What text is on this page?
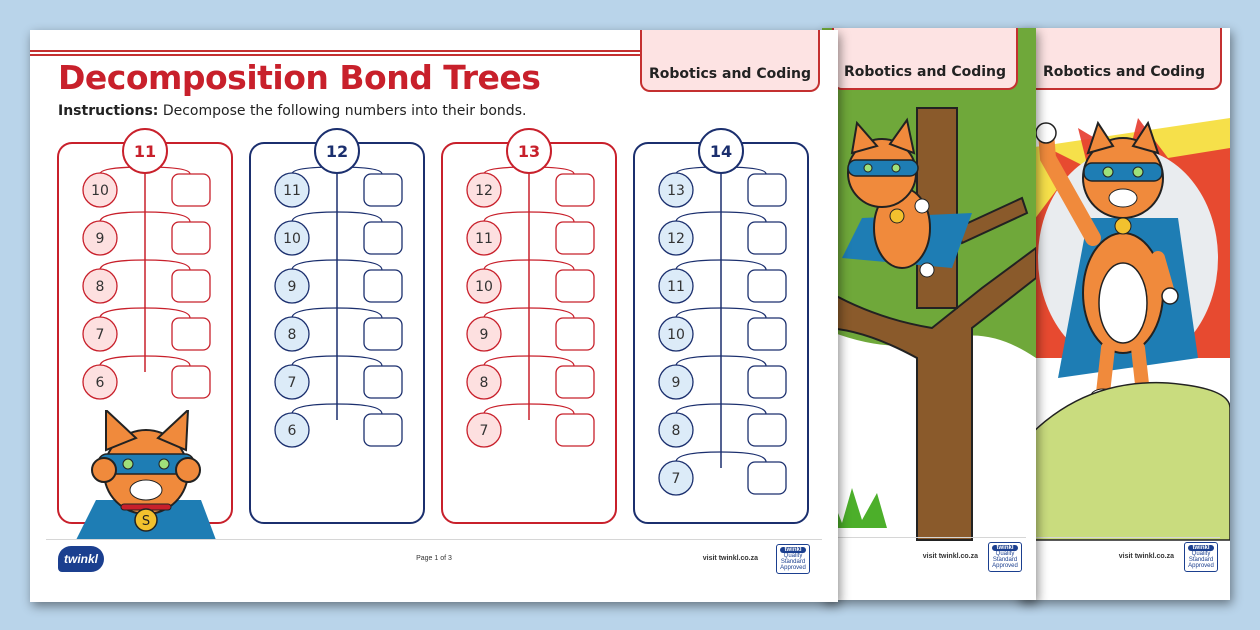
Robotics and Coding
visit twinkl.co.za
twinkl
Quality Standard Approved
Robotics and Coding
visit twinkl.co.za
twinkl
Quality Standard Approved
Robotics and Coding
Decomposition Bond Trees
Instructions: Decompose the following numbers into their bonds.
10
9
8
7
6
11
11
10
9
8
7
6
12
12
11
10
9
8
7
13
13
12
11
10
9
8
7
14
S
twinkl	Page 1 of 3	visit twinkl.co.za
twinkl
Quality Standard Approved
